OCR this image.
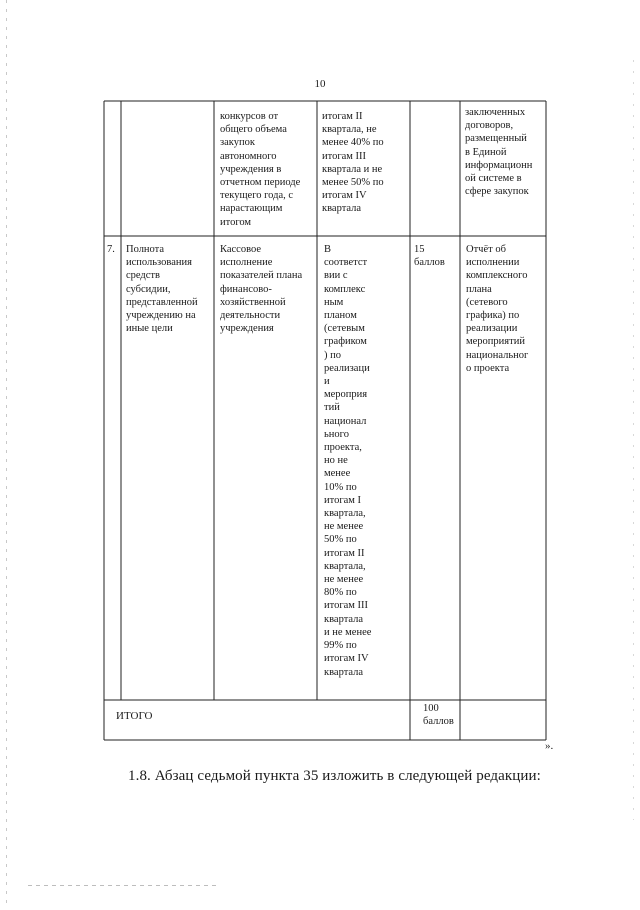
10
конкурсов от
общего объема
закупок
автономного
учреждения в
отчетном периоде
текущего года, с
нарастающим
итогом
итогам II
квартала, не
менее 40% по
итогам III
квартала и не
менее 50% по
итогам IV
квартала
заключенных
договоров,
размещенный
в Единой
информационн
ой системе в
сфере закупок
7.	Полнота
использования
средств
субсидии,
представленной
учреждению на
иные цели
Кассовое
исполнение
показателей плана
финансово-
хозяйственной
деятельности
учреждения
В
соответст
вии с
комплекс
ным
планом
(сетевым
графиком
) по
реализаци
и
мероприя
тий
национал
ьного
проекта,
но не
менее
10% по
итогам I
квартала,
не менее
50% по
итогам II
квартала,
не менее
80% по
итогам III
квартала
и не менее
99% по
итогам IV
квартала
15
баллов
Отчёт об
исполнении
комплексного
плана
(сетевого
графика) по
реализации
мероприятий
национальног
о проекта
ИТОГО
100
баллов
».
1.8. Абзац седьмой пункта 35 изложить в следующей редакции:
